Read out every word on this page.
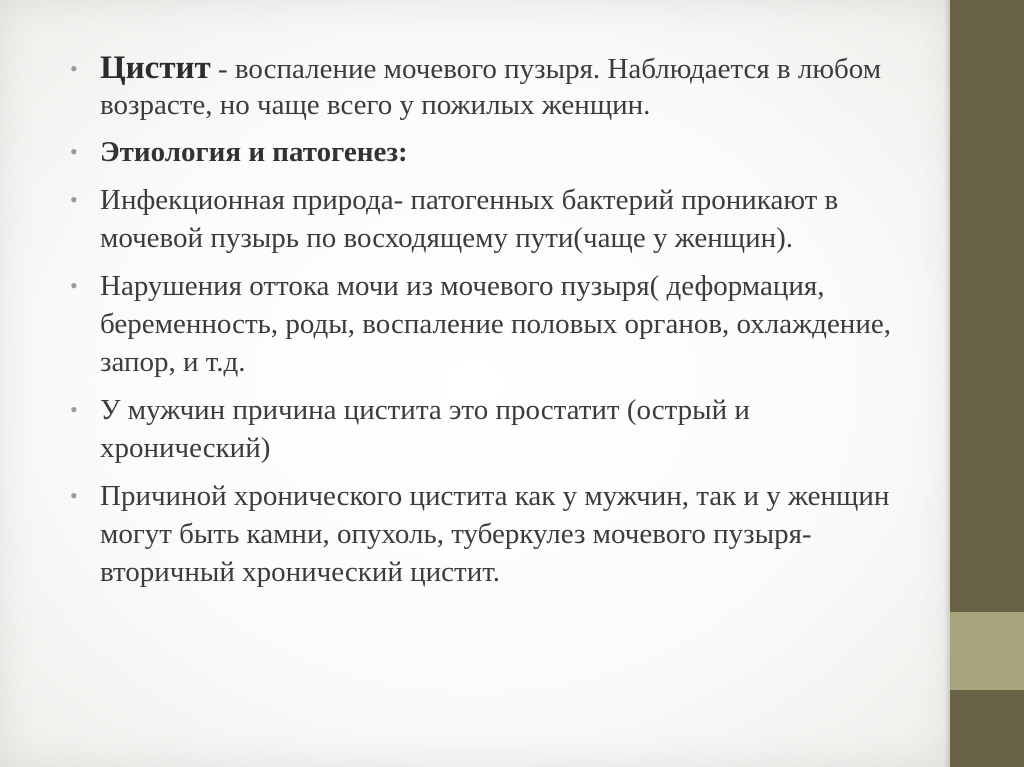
• Цистит - воспаление мочевого пузыря. Наблюдается в любом возрасте, но чаще всего у пожилых женщин.
• Этиология и патогенез:
• Инфекционная природа- патогенных бактерий проникают в мочевой пузырь по восходящему пути(чаще у женщин).
• Нарушения оттока мочи из мочевого пузыря( деформация, беременность, роды, воспаление половых органов, охлаждение, запор, и т.д.
• У мужчин причина цистита это простатит (острый и хронический)
• Причиной хронического цистита как у мужчин, так и у женщин могут быть камни, опухоль, туберкулез мочевого пузыря- вторичный хронический цистит.
